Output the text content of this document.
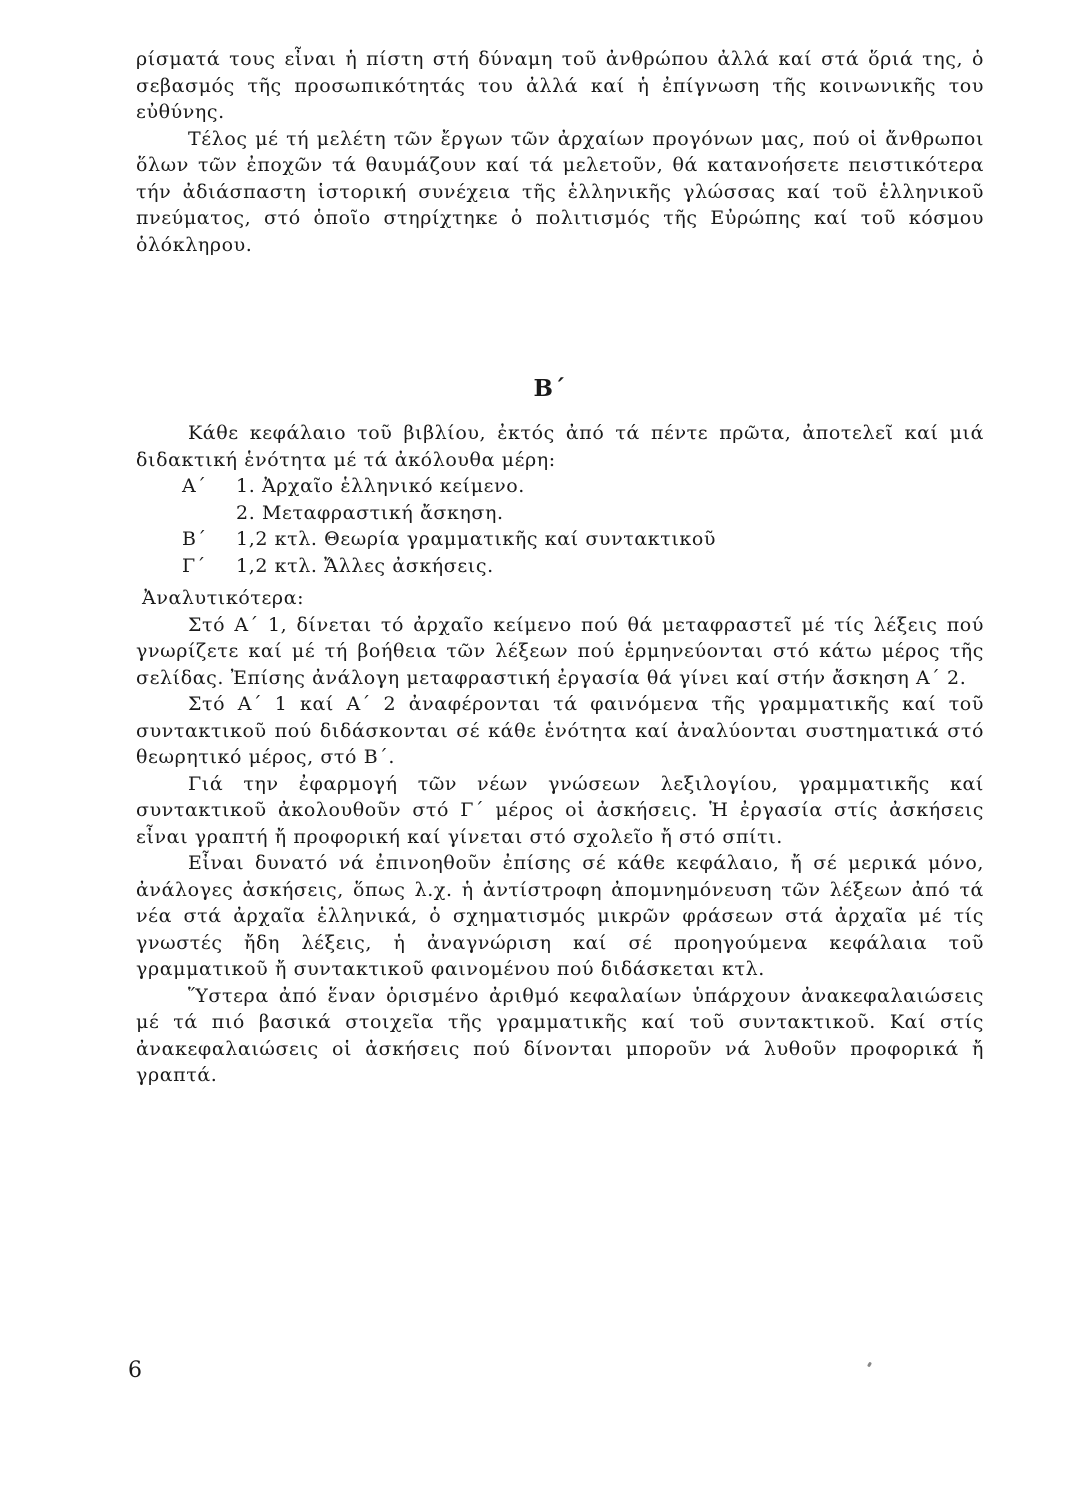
ρίσματά τους εἶναι ἡ πίστη στή δύναμη τοῦ ἀνθρώπου ἀλλά καί στά ὅριά της, ὁ σεβασμός τῆς προσωπικότητάς του ἀλλά καί ἡ ἐπίγνωση τῆς κοινωνικῆς του εὐθύνης.

Τέλος μέ τή μελέτη τῶν ἔργων τῶν ἀρχαίων προγόνων μας, πού οἱ ἄνθρωποι ὅλων τῶν ἐποχῶν τά θαυμάζουν καί τά μελετοῦν, θά κατανοήσετε πειστικότερα τήν ἀδιάσπαστη ἱστορική συνέχεια τῆς ἑλληνικῆς γλώσσας καί τοῦ ἑλληνικοῦ πνεύματος, στό ὁποῖο στηρίχτηκε ὁ πολιτισμός τῆς Εὐρώπης καί τοῦ κόσμου ὁλόκληρου.

Β΄

Κάθε κεφάλαιο τοῦ βιβλίου, ἐκτός ἀπό τά πέντε πρῶτα, ἀποτελεῖ καί μιά διδακτική ἑνότητα μέ τά ἀκόλουθα μέρη:

Α΄ 1. Ἀρχαῖο ἑλληνικό κείμενο.
2. Μεταφραστική ἄσκηση.
Β΄ 1,2 κτλ. Θεωρία γραμματικῆς καί συντακτικοῦ
Γ΄ 1,2 κτλ. Ἄλλες ἀσκήσεις.

Ἀναλυτικότερα:

Στό Α΄ 1, δίνεται τό ἀρχαῖο κείμενο πού θά μεταφραστεῖ μέ τίς λέξεις πού γνωρίζετε καί μέ τή βοήθεια τῶν λέξεων πού ἑρμηνεύονται στό κάτω μέρος τῆς σελίδας. Ἐπίσης ἀνάλογη μεταφραστική ἐργασία θά γίνει καί στήν ἄσκηση Α΄ 2.

Στό Α΄ 1 καί Α΄ 2 ἀναφέρονται τά φαινόμενα τῆς γραμματικῆς καί τοῦ συντακτικοῦ πού διδάσκονται σέ κάθε ἑνότητα καί ἀναλύονται συστηματικά στό θεωρητικό μέρος, στό Β΄.

Γιά την ἐφαρμογή τῶν νέων γνώσεων λεξιλογίου, γραμματικῆς καί συντακτικοῦ ἀκολουθοῦν στό Γ΄ μέρος οἱ ἀσκήσεις. Ἡ ἐργασία στίς ἀσκήσεις εἶναι γραπτή ἤ προφορική καί γίνεται στό σχολεῖο ἤ στό σπίτι.

Εἶναι δυνατό νά ἐπινοηθοῦν ἐπίσης σέ κάθε κεφάλαιο, ἤ σέ μερικά μόνο, ἀνάλογες ἀσκήσεις, ὅπως λ.χ. ἡ ἀντίστροφη ἀπομνημόνευση τῶν λέξεων ἀπό τά νέα στά ἀρχαῖα ἑλληνικά, ὁ σχηματισμός μικρῶν φράσεων στά ἀρχαῖα μέ τίς γνωστές ἤδη λέξεις, ἡ ἀναγνώριση καί σέ προηγούμενα κεφάλαια τοῦ γραμματικοῦ ἤ συντακτικοῦ φαινομένου πού διδάσκεται κτλ.

Ὕστερα ἀπό ἕναν ὁρισμένο ἀριθμό κεφαλαίων ὑπάρχουν ἀνακεφαλαιώσεις μέ τά πιό βασικά στοιχεῖα τῆς γραμματικῆς καί τοῦ συντακτικοῦ. Καί στίς ἀνακεφαλαιώσεις οἱ ἀσκήσεις πού δίνονται μποροῦν νά λυθοῦν προφορικά ἤ γραπτά.

6
